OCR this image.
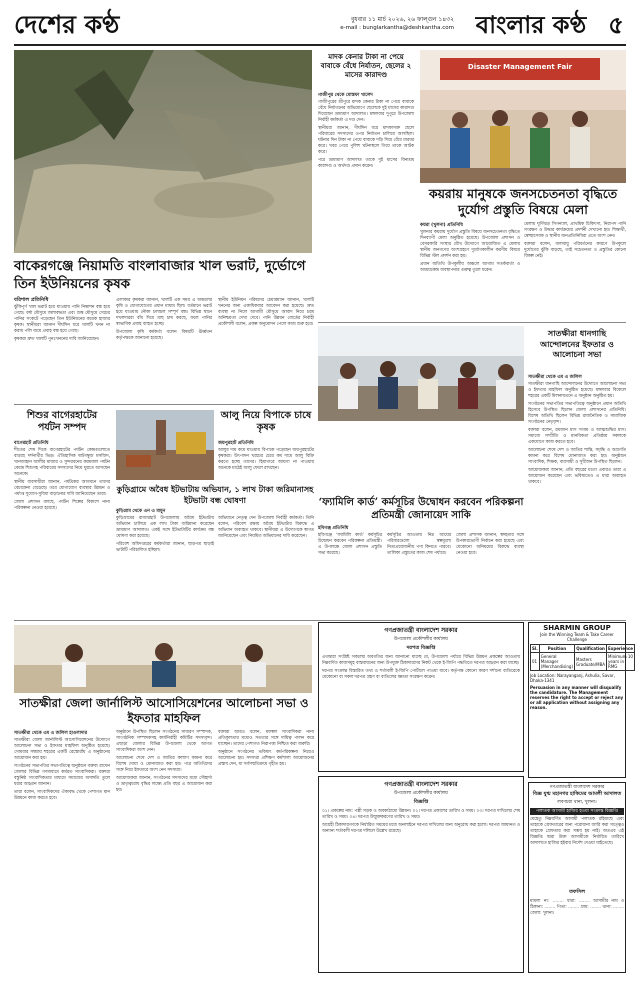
দেশের কণ্ঠ	বুধবার ১১ মার্চ ২০২৬, ২৬ ফাল্গুন ১৪৩২
e-mail : bunglarkantha@deshkantha.com বাংলার কণ্ঠ ৫
বাকেরগঞ্জে নিয়ামতি বাংলাবাজার খাল ভরাট, দুর্ভোগে তিন ইউনিয়নের কৃষক
বরিশাল প্রতিনিধি

ঝুঁকিপূর্ণ খাল ভরাট হয়ে যাওয়ায় পানি নিষ্কাশন বন্ধ হয়ে গেছে। বর্ষা মৌসুমে জলাবদ্ধতা এবং শুষ্ক মৌসুমে সেচের পানির সংকটে পড়েছেন তিন ইউনিয়নের কয়েক হাজার কৃষক। স্থানীয়রা জানান দীর্ঘদিন ধরে খালটি খনন না করায় পলি জমে প্রবাহ বন্ধ হয়ে গেছে।

কৃষকরা দ্রুত খালটি পুনঃখননের দাবি জানিয়েছেন।

এলাকার কৃষকরা জানান, খালটি এক সময় এ অঞ্চলের কৃষি ও যোগাযোগের প্রধান মাধ্যম ছিল। বর্তমানে ভরাট হয়ে যাওয়ায় নৌকা চলাচল সম্পূর্ণ বন্ধ। বিভিন্ন স্থানে দখলদাররা বাঁধ দিয়ে মাছ চাষ করছে, ফলে পানির স্বাভাবিক প্রবাহ ব্যাহত হচ্ছে।

উপজেলা কৃষি কর্মকর্তা বলেন বিষয়টি ঊর্ধ্বতন কর্তৃপক্ষকে জানানো হয়েছে।

স্থানীয় ইউনিয়ন পরিষদের চেয়ারম্যান জানান, খালটি খননের জন্য একাধিকবার আবেদন করা হয়েছে। দ্রুত ব্যবস্থা না নিলে আগামী মৌসুমে আবাদ নিয়ে চরম অনিশ্চয়তা দেখা দেবে। পানি উন্নয়ন বোর্ডের নির্বাহী প্রকৌশলী বলেন, প্রকল্প অনুমোদন পেলে কাজ শুরু হবে।

মাদক কেনার টাকা না পেয়ে বাবাকে বেঁধে নির্যাতন, ছেলের ২ মাসের কারাদণ্ড
গাজীপুর থেকে মোস্তফা খালেদ

গাজীপুরের শ্রীপুরে মাদক কেনার টাকা না পেয়ে বাবাকে বেঁধে নির্যাতনের অভিযোগে ছেলেকে দুই মাসের কারাদণ্ড দিয়েছেন ভ্রাম্যমাণ আদালত। মঙ্গলবার দুপুরে উপজেলা নির্বাহী কর্মকর্তা এ দণ্ড দেন।

স্থানীয়রা জানান, দীর্ঘদিন ধরে মাদকাসক্ত ছেলে পরিবারের সদস্যদের ওপর নির্যাতন চালিয়ে আসছিল। ঘটনার দিন টাকা না পেয়ে বাবাকে দড়ি দিয়ে বেঁধে মারধর করে। খবর পেয়ে পুলিশ ঘটনাস্থলে গিয়ে তাকে আটক করে।

পরে ভ্রাম্যমাণ আদালত তাকে দুই মাসের বিনাশ্রম কারাদণ্ড ও অর্থদণ্ড প্রদান করেন।

Disaster Management Fair
কয়রায় মানুষকে জনসচেতনতা বৃদ্ধিতে দুর্যোগ প্রস্তুতি বিষয়ে মেলা
কয়রা (খুলনা) প্রতিনিধি

খুলনার কয়রায় দুর্যোগ প্রস্তুতি বিষয়ে জনসচেতনতা বৃদ্ধিতে দিনব্যাপী মেলা অনুষ্ঠিত হয়েছে। উপজেলা প্রশাসন ও বেসরকারি সংস্থার যৌথ উদ্যোগে আয়োজিত এ মেলায় স্থানীয় জনগণের অংশগ্রহণে দুর্যোগকালীন করণীয় বিষয়ে বিভিন্ন স্টল প্রদর্শন করা হয়।

প্রধান অতিথি উপকূলীয় অঞ্চলে আগাম সতর্কবার্তা ও আশ্রয়কেন্দ্র ব্যবস্থাপনার গুরুত্ব তুলে ধরেন।

মেলায় ঘূর্ণিঝড় সিগন্যাল, প্রাথমিক চিকিৎসা, নিরাপদ পানি সংরক্ষণ ও উদ্ধার কার্যক্রমের প্রদর্শনী দেখানো হয়। শিক্ষার্থী, স্বেচ্ছাসেবক ও স্থানীয় জনপ্রতিনিধিরা এতে অংশ নেন।

বক্তারা বলেন, জলবায়ু পরিবর্তনের কারণে উপকূলে দুর্যোগের ঝুঁকি বাড়ছে, তাই সচেতনতা ও প্রস্তুতির কোনো বিকল্প নেই।

সাতক্ষীরা ধানগাছি আন্দোলনের ইফতার ও আলোচনা সভা
সাতক্ষীরা থেকে এম এ জলিল

সাতক্ষীরা ধানগাছি আন্দোলনের উদ্যোগে আলোচনা সভা ও ইফতার মাহফিল অনুষ্ঠিত হয়েছে। মঙ্গলবার বিকেলে শহরের একটি মিলনায়তনে এ অনুষ্ঠান অনুষ্ঠিত হয়।

সংগঠনের সভাপতির সভাপতিত্বে অনুষ্ঠানে প্রধান অতিথি হিসেবে উপস্থিত ছিলেন জেলা প্রশাসনের প্রতিনিধি। বিশেষ অতিথি ছিলেন বিভিন্ন রাজনৈতিক ও সামাজিক সংগঠনের নেতৃবৃন্দ।

বক্তারা বলেন, রমজান মাস সংযম ও আত্মশুদ্ধির মাস। সমাজে সম্প্রীতি ও মানবিকতা প্রতিষ্ঠায় সকলকে একযোগে কাজ করতে হবে।

আলোচনা শেষে দেশ ও জাতির শান্তি, সমৃদ্ধি ও অগ্রগতি কামনা করে বিশেষ মোনাজাত করা হয়। অনুষ্ঠানে সাংবাদিক, শিক্ষক, ব্যবসায়ী ও সুধীজন উপস্থিত ছিলেন।

আয়োজকরা জানান, প্রতি বছরের মতো এবারও তারা এ আয়োজন করেছেন এবং ভবিষ্যতেও এ ধারা অব্যাহত থাকবে।

শিশুর বাগেরহাটের পর্যটন সম্পদ
বাগেরহাট প্রতিনিধি

শীতের শেষ দিকে বাগেরহাটের পর্যটন কেন্দ্রগুলোতে বাড়ছে দর্শনার্থীর ভিড়। ঐতিহাসিক ষাটগম্বুজ মসজিদ, খানজাহান আলীর মাজার ও সুন্দরবনের করমজল পর্যটন কেন্দ্রে শিশুসহ পরিবারের সদস্যদের নিয়ে ঘুরতে আসছেন অনেকে।

স্থানীয় ব্যবসায়ীরা জানান, পর্যটকের আগমনে তাদের বেচাকেনা বেড়েছে। তবে যোগাযোগ ব্যবস্থার উন্নয়ন ও পর্যাপ্ত সুযোগ-সুবিধা বাড়ানোর দাবি জানিয়েছেন তারা।

জেলা প্রশাসন বলছে, পর্যটন শিল্পের বিকাশে নানা পরিকল্পনা নেওয়া হয়েছে।

আলু নিয়ে বিপাকে চাষে কৃষক
জয়পুরহাট প্রতিনিধি

আলুর দাম কমে যাওয়ায় বিপাকে পড়েছেন জয়পুরহাটের কৃষকরা। উৎপাদন খরচের চেয়ে কম দামে আলু বিক্রি করতে হচ্ছে তাদের। হিমাগারে জায়গা না পাওয়ায় অনেকে মাঠেই আলু ফেলে রাখছেন।

কুড়িগ্রামে অবৈধ ইটভাটায় অভিযান, ১ লাখ টাকা জরিমানাসহ ইটভাটা বন্ধ ঘোষণা
কুড়িগ্রাম থেকে এন এ মামুন

কুড়িগ্রামের রাজারহাট উপজেলায় অবৈধ ইটভাটায় অভিযান চালিয়ে এক লাখ টাকা জরিমানা করেছেন ভ্রাম্যমাণ আদালত। একই সঙ্গে ইটভাটাটির কার্যক্রম বন্ধ ঘোষণা করা হয়েছে।

পরিবেশ অধিদপ্তরের কর্মকর্তারা জানান, ছাড়পত্র ছাড়াই ভাটাটি পরিচালিত হচ্ছিল।

অভিযানে নেতৃত্ব দেন উপজেলা নির্বাহী কর্মকর্তা। তিনি বলেন, পরিবেশ রক্ষায় অবৈধ ইটভাটার বিরুদ্ধে এ অভিযান অব্যাহত থাকবে। স্থানীয়রা এ উদ্যোগকে স্বাগত জানিয়েছেন এবং নিয়মিত অভিযানের দাবি করেছেন।

‘ফ্যামিলি কার্ড’ কর্মসূচির উদ্বোধন করবেন পরিকল্পনা প্রতিমন্ত্রী জোনায়েদ সাকি
হবিগঞ্জ প্রতিনিধি

হবিগঞ্জে ‘ফ্যামিলি কার্ড’ কর্মসূচির উদ্বোধন করবেন পরিকল্পনা প্রতিমন্ত্রী। এ উপলক্ষে জেলা প্রশাসন প্রস্তুতি সভা করেছে।

কর্মসূচির আওতায় নিম্ন আয়ের পরিবারগুলো স্বল্পমূল্যে নিত্যপ্রয়োজনীয় পণ্য কিনতে পারবে। তালিকা প্রস্তুতের কাজ শেষ পর্যায়ে।

জেলা প্রশাসক জানান, স্বচ্ছতার সঙ্গে উপকারভোগী নির্বাচন করা হয়েছে এবং যেকোনো অনিয়মের বিরুদ্ধে ব্যবস্থা নেওয়া হবে।

SHARMIN GROUP
Join the Winning Team & Take Career Challenge
Sl.	Position	Qualification	Experience
01	General Manager (Merchandising)	Masters Graduate/MBA	Minimum 10 years in RMG
Job Location: Narayanganj, Ashulia, Savar, Dhaka-1341
Persuasion in any manner will disqualify the candidature. The Management reserves the right to accept or reject any or all application without assigning any reason.
সাতক্ষীরা জেলা জার্নালিস্ট আসোসিয়েশনের আলোচনা সভা ও ইফতার মাহফিল
সাতক্ষীরা থেকে এম এ জলিল হাওলাদার

সাতক্ষীরা জেলা জার্নালিস্ট আসোসিয়েশনের উদ্যোগে আলোচনা সভা ও ইফতার মাহফিল অনুষ্ঠিত হয়েছে। সোমবার সন্ধ্যায় শহরের একটি রেস্তোরাঁয় এ অনুষ্ঠানের আয়োজন করা হয়।

সংগঠনের সভাপতির সভাপতিত্বে অনুষ্ঠানে বক্তব্য রাখেন জেলার বিভিন্ন গণমাধ্যমে কর্মরত সাংবাদিকরা। বক্তারা বস্তুনিষ্ঠ সাংবাদিকতার মাধ্যমে সমাজের অসঙ্গতি তুলে ধরার আহ্বান জানান।

তারা বলেন, সাংবাদিকদের ঐক্যবদ্ধ থেকে পেশাগত মান উন্নয়নে কাজ করতে হবে।

অনুষ্ঠানে উপস্থিত ছিলেন সংগঠনের সাধারণ সম্পাদক, সাংগঠনিক সম্পাদকসহ কার্যনির্বাহী কমিটির সদস্যবৃন্দ। এছাড়া জেলার বিভিন্ন উপজেলা থেকে আগত সাংবাদিকরা অংশ নেন।

আলোচনা শেষে দেশ ও জাতির কল্যাণ কামনা করে বিশেষ দোয়া ও মোনাজাত করা হয়। পরে অতিথিদের সঙ্গে নিয়ে ইফতারে অংশ নেন সদস্যরা।

আয়োজকরা জানান, সংগঠনের সদস্যদের মধ্যে সৌহার্দ্য ও ভ্রাতৃত্ববোধ বৃদ্ধির লক্ষ্যে প্রতি বছর এ আয়োজন করা হয়।

বক্তারা আরও বলেন, মফস্বল সাংবাদিকরা নানা প্রতিকূলতার মধ্যেও সততার সঙ্গে দায়িত্ব পালন করে যাচ্ছেন। তাদের পেশাগত নিরাপত্তা নিশ্চিত করা জরুরি।

অনুষ্ঠানে সংগঠনের ভবিষ্যৎ কর্মপরিকল্পনা নিয়েও আলোচনা হয়। সদস্যরা প্রশিক্ষণ কর্মশালা আয়োজনের প্রস্তাব দেন, যা সর্বসম্মতিক্রমে গৃহীত হয়।

গণপ্রজাতন্ত্রী বাংলাদেশ সরকার
উপজেলা প্রকৌশলীর কার্যালয়
দরপত্র বিজ্ঞপ্তি

এতদ্বারা সংশ্লিষ্ট সকলের অবগতির জন্য জানানো যাচ্ছে যে, উপজেলা পর্যায়ে বিভিন্ন উন্নয়ন প্রকল্পের আওতায় নিম্নবর্ণিত কাজসমূহ বাস্তবায়নের জন্য উপযুক্ত ঠিকাদারদের নিকট থেকে ই-জিপি পদ্ধতিতে দরপত্র আহ্বান করা যাচ্ছে।

দরপত্র সংক্রান্ত বিস্তারিত তথ্য ও শর্তাবলী ই-জিপি পোর্টালে পাওয়া যাবে। কর্তৃপক্ষ কোনো কারণ দর্শানো ব্যতিরেকে যেকোনো বা সকল দরপত্র গ্রহণ বা বাতিলের ক্ষমতা সংরক্ষণ করেন।

গণপ্রজাতন্ত্রী বাংলাদেশ সরকার
উপজেলা প্রকৌশলীর কার্যালয়
বিজ্ঞপ্তি

০১। প্রকল্পের নাম: পল্লী সড়ক ও অবকাঠামো উন্নয়ন। ০২। দরপত্র প্রকাশের তারিখ ও সময়। ০৩। দরপত্র দাখিলের শেষ তারিখ ও সময়। ০৪। দরপত্র উন্মুক্তকরণের তারিখ ও সময়।

আগ্রহী ঠিকাদারগণকে নির্ধারিত সময়ের মধ্যে অনলাইনে দরপত্র দাখিলের জন্য অনুরোধ করা হলো। দরপত্র জামানত ও অন্যান্য শর্তাবলী দরপত্র দলিলে উল্লেখ রয়েছে।

গণপ্রজাতন্ত্রী বাংলাদেশ সরকার
বিজ্ঞ যুগ্ম মহানগর হাকিমের আমলী আদালত
লবণচরা থানা, খুলনা।
পলাতক আসামী হাজির হওয়া সংক্রান্ত বিজ্ঞপ্তি

যেহেতু নিম্নবর্ণিত আসামী পলাতক রহিয়াছে এবং তাহাকে গ্রেফতারের জন্য পরোয়ানা জারি করা সত্ত্বেও তাহাকে গ্রেফতার করা সম্ভব হয় নাই। অতএব এই বিজ্ঞপ্তি দ্বারা উক্ত আসামীকে নির্ধারিত তারিখে আদালতে হাজির হইবার নির্দেশ দেওয়া যাইতেছে।

তফসিল

মামলা নং: ........ ধারা: ........ আসামীর নাম ও ঠিকানা: ........ পিতা: ........ গ্রাম: ........ থানা: ........ জেলা: খুলনা।
